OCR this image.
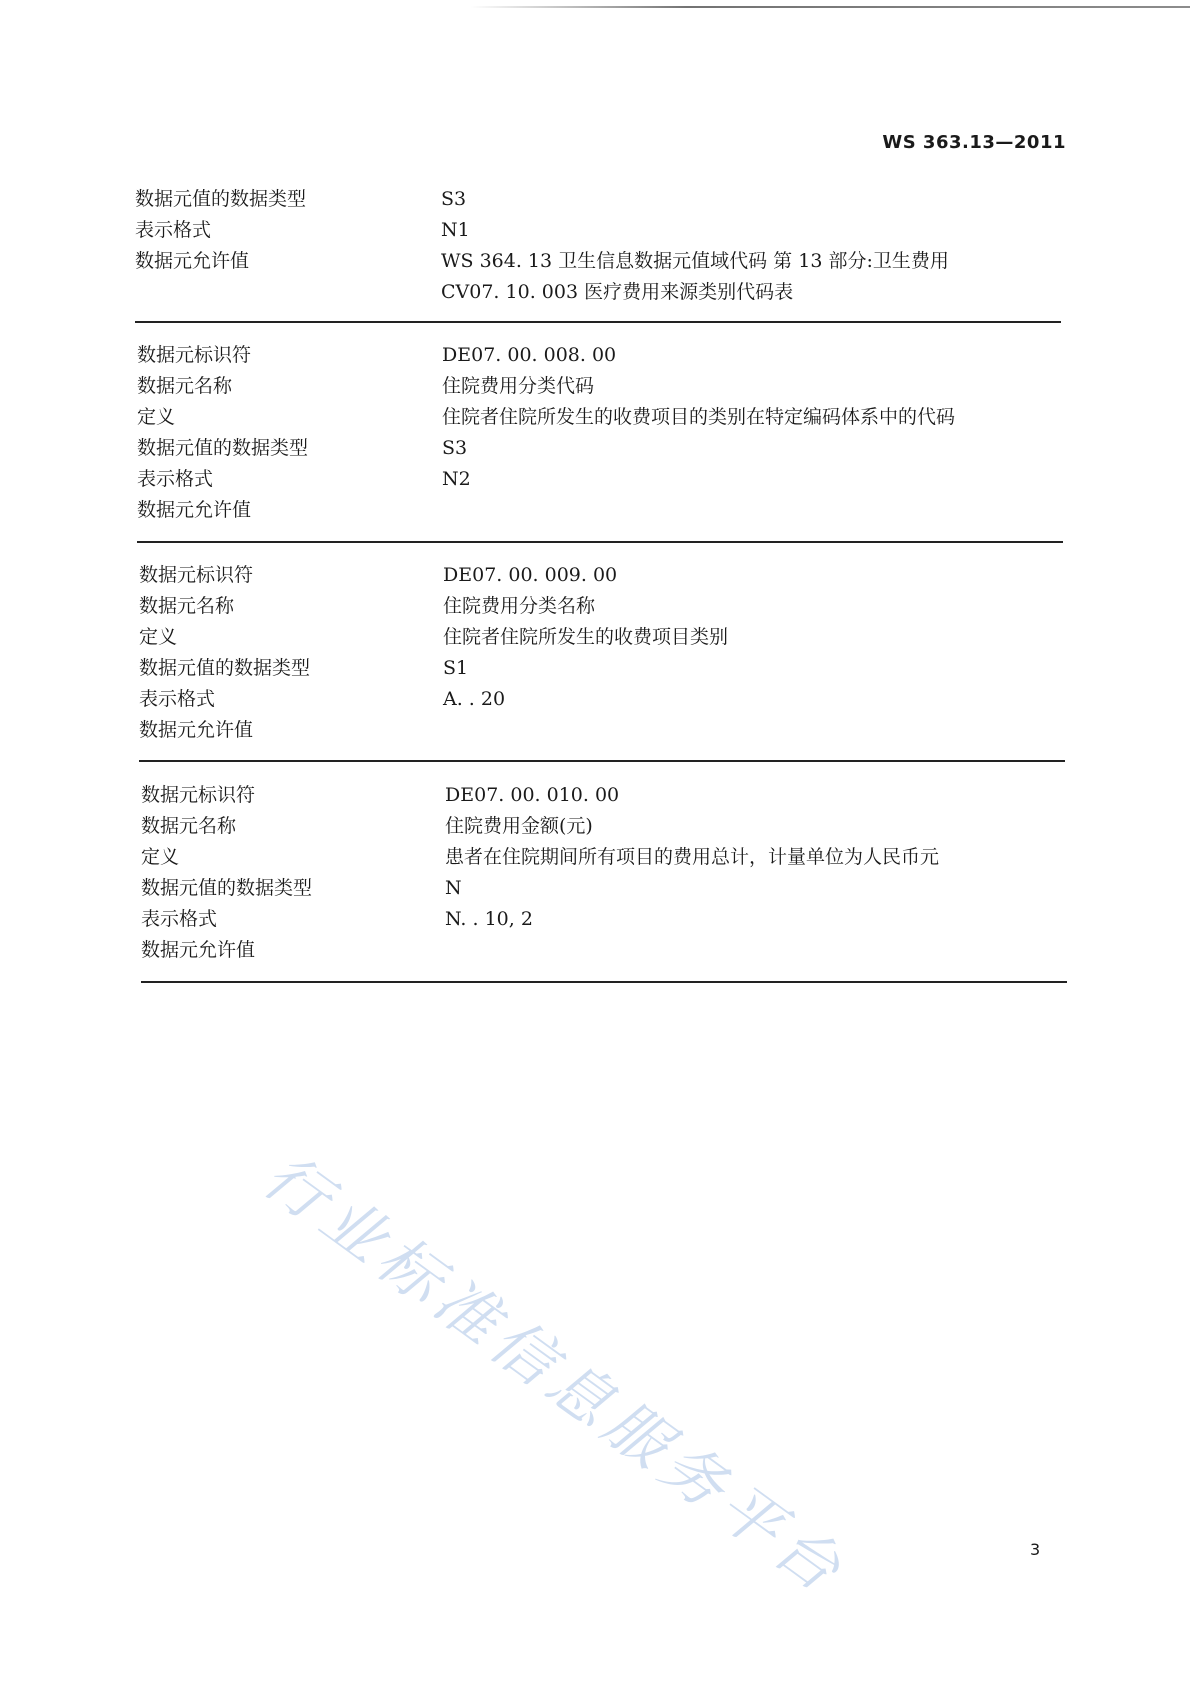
WS 363.13—2011
数据元值的数据类型	S3
表示格式	N1
数据元允许值	WS 364. 13 卫生信息数据元值域代码 第 13 部分:卫生费用
CV07. 10. 003 医疗费用来源类别代码表
数据元标识符	DE07. 00. 008. 00
数据元名称	住院费用分类代码
定义	住院者住院所发生的收费项目的类别在特定编码体系中的代码
数据元值的数据类型	S3
表示格式	N2
数据元允许值
数据元标识符	DE07. 00. 009. 00
数据元名称	住院费用分类名称
定义	住院者住院所发生的收费项目类别
数据元值的数据类型	S1
表示格式	A. . 20
数据元允许值
数据元标识符	DE07. 00. 010. 00
数据元名称	住院费用金额(元)
定义	患者在住院期间所有项目的费用总计，计量单位为人民币元
数据元值的数据类型	N
表示格式	N. . 10, 2
数据元允许值
行业标准信息服务平台	3
